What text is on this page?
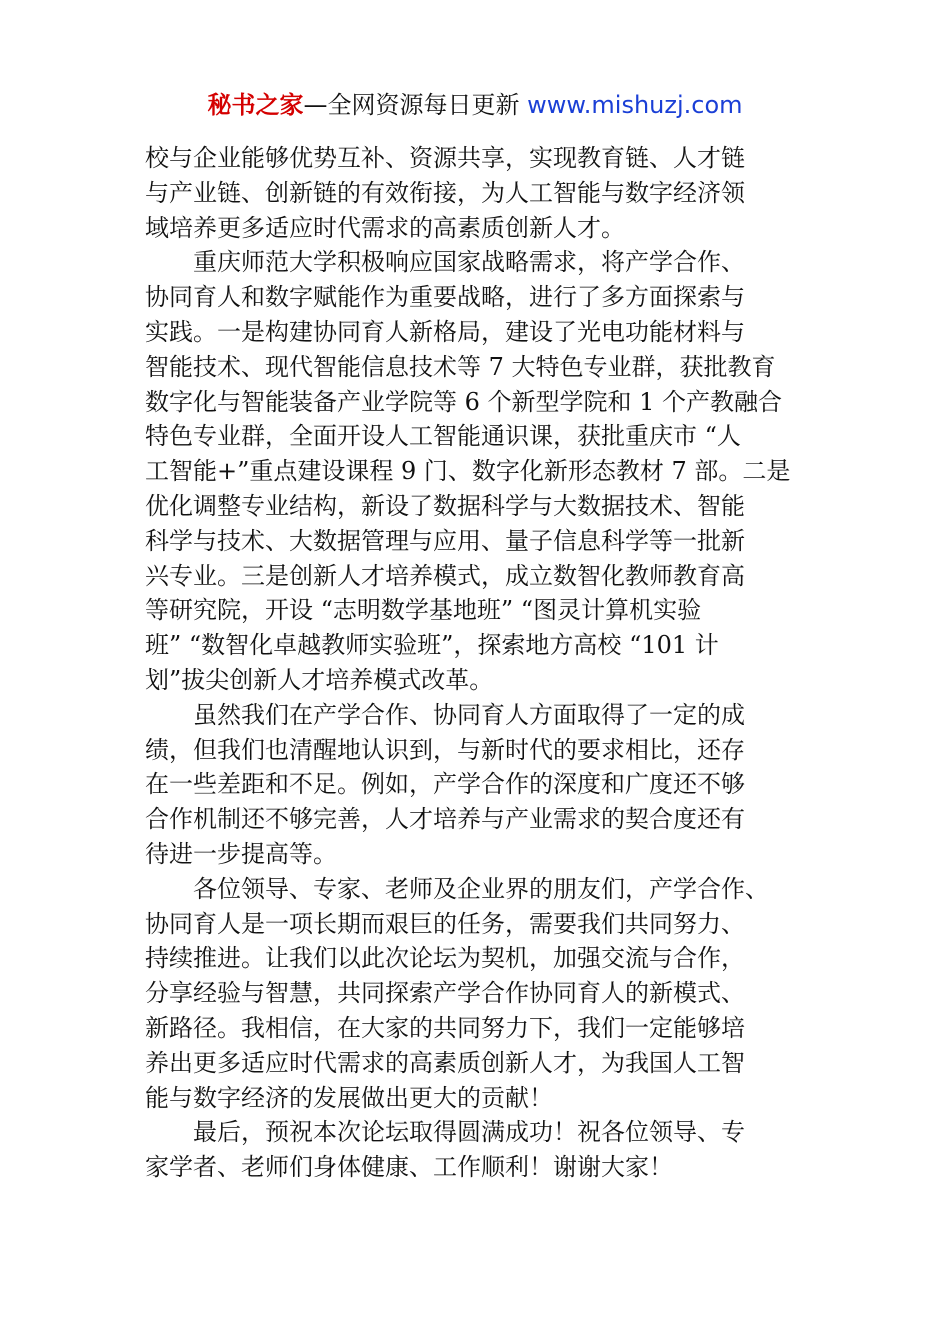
秘书之家—全网资源每日更新 www.mishuzj.com
校与企业能够优势互补、资源共享，实现教育链、人才链
与产业链、创新链的有效衔接，为人工智能与数字经济领
域培养更多适应时代需求的高素质创新人才。
重庆师范大学积极响应国家战略需求，将产学合作、
协同育人和数字赋能作为重要战略，进行了多方面探索与
实践。一是构建协同育人新格局，建设了光电功能材料与
智能技术、现代智能信息技术等 7 大特色专业群，获批教育
数字化与智能装备产业学院等 6 个新型学院和 1 个产教融合
特色专业群，全面开设人工智能通识课，获批重庆市 “人
工智能+”重点建设课程 9 门、数字化新形态教材 7 部。二是
优化调整专业结构，新设了数据科学与大数据技术、智能
科学与技术、大数据管理与应用、量子信息科学等一批新
兴专业。三是创新人才培养模式，成立数智化教师教育高
等研究院，开设 “志明数学基地班” “图灵计算机实验
班” “数智化卓越教师实验班”，探索地方高校 “101 计
划”拔尖创新人才培养模式改革。
虽然我们在产学合作、协同育人方面取得了一定的成
绩，但我们也清醒地认识到，与新时代的要求相比，还存
在一些差距和不足。例如，产学合作的深度和广度还不够
合作机制还不够完善，人才培养与产业需求的契合度还有
待进一步提高等。
各位领导、专家、老师及企业界的朋友们，产学合作、
协同育人是一项长期而艰巨的任务，需要我们共同努力、
持续推进。让我们以此次论坛为契机，加强交流与合作，
分享经验与智慧，共同探索产学合作协同育人的新模式、
新路径。我相信，在大家的共同努力下，我们一定能够培
养出更多适应时代需求的高素质创新人才，为我国人工智
能与数字经济的发展做出更大的贡献！
最后，预祝本次论坛取得圆满成功！祝各位领导、专
家学者、老师们身体健康、工作顺利！谢谢大家！
